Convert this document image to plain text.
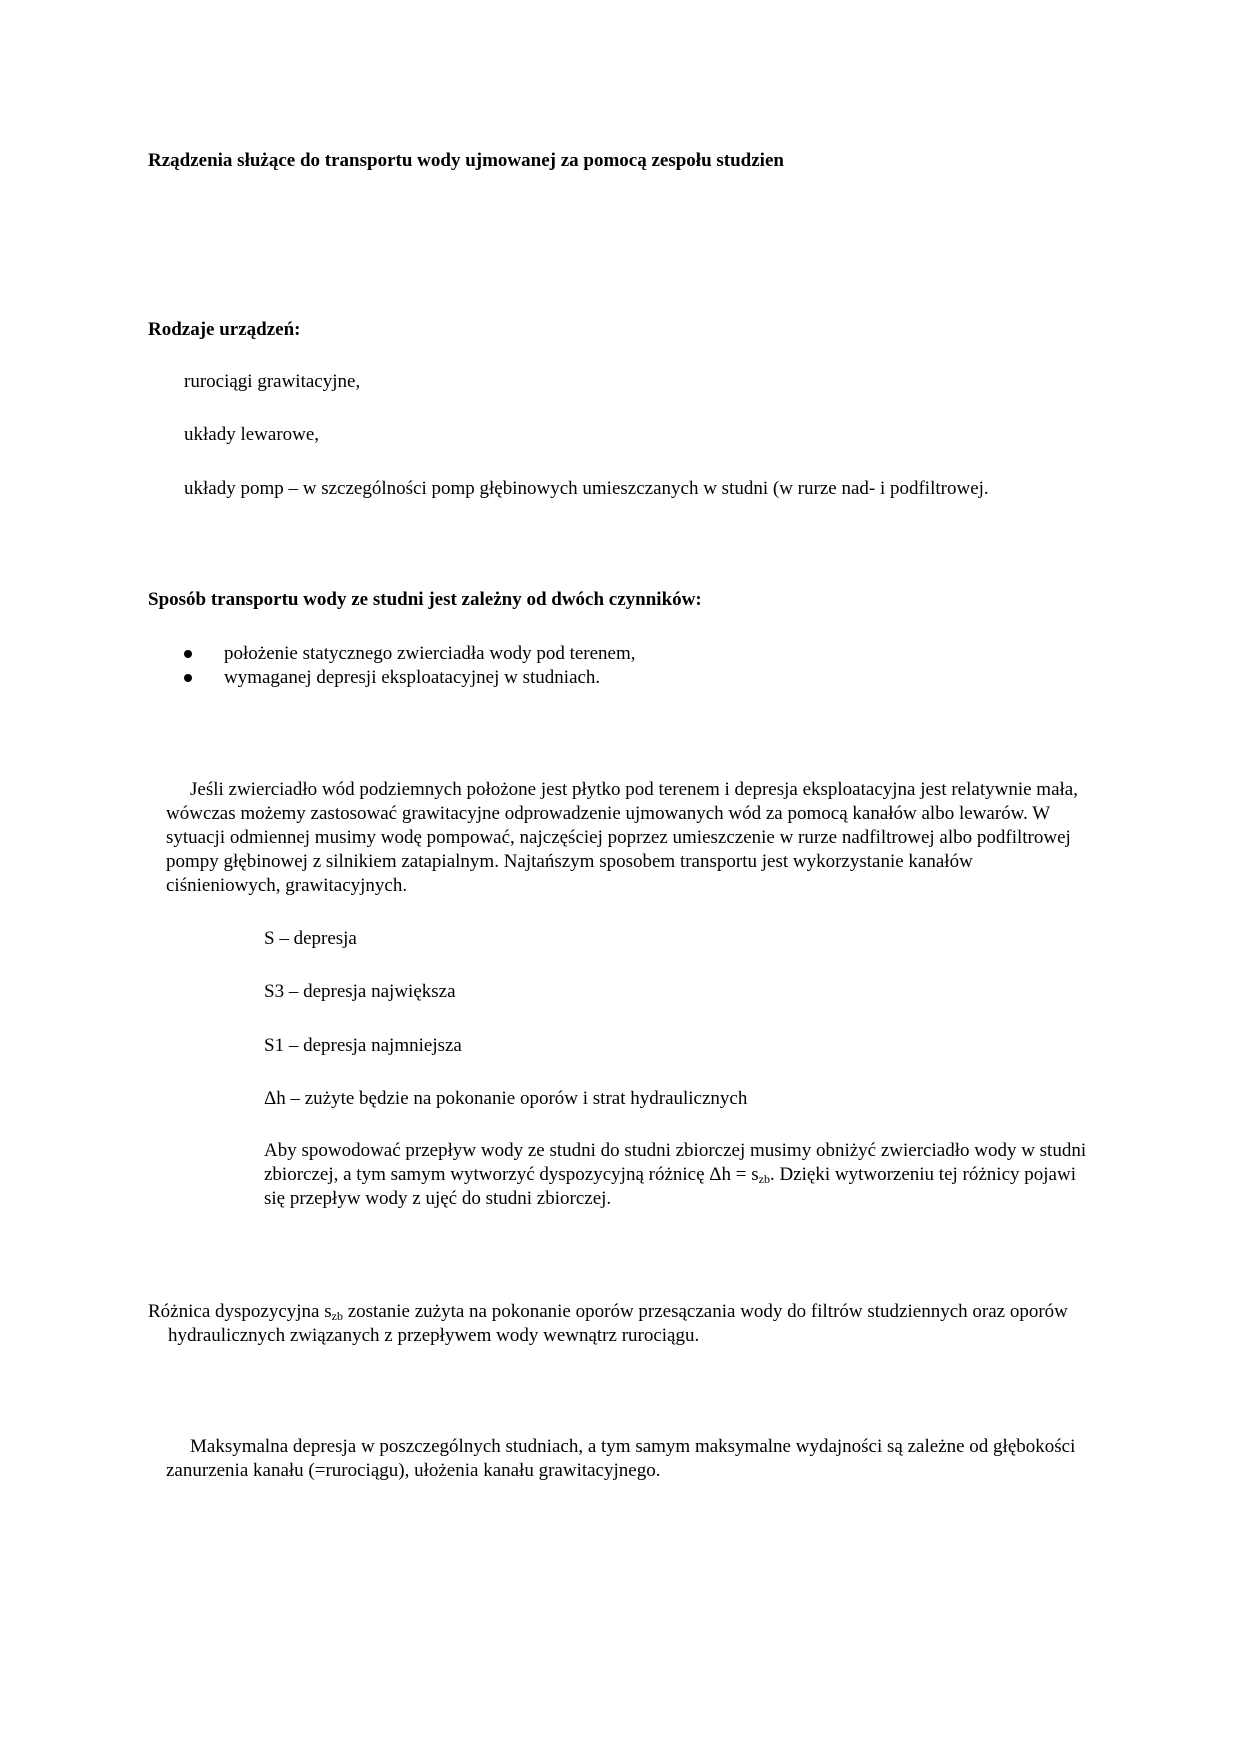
Rządzenia służące do transportu wody ujmowanej za pomocą zespołu studzien

Rodzaje urządzeń:

rurociągi grawitacyjne,

układy lewarowe,

układy pomp – w szczególności pomp głębinowych umieszczanych w studni (w rurze nad- i podfiltrowej.

Sposób transportu wody ze studni jest zależny od dwóch czynników:

położenie statycznego zwierciadła wody pod terenem,
wymaganej depresji eksploatacyjnej w studniach.

Jeśli zwierciadło wód podziemnych położone jest płytko pod terenem i depresja eksploatacyjna jest relatywnie mała, wówczas możemy zastosować grawitacyjne odprowadzenie ujmowanych wód za pomocą kanałów albo lewarów. W sytuacji odmiennej musimy wodę pompować, najczęściej poprzez umieszczenie w rurze nadfiltrowej albo podfiltrowej pompy głębinowej z silnikiem zatapialnym. Najtańszym sposobem transportu jest wykorzystanie kanałów ciśnieniowych, grawitacyjnych.

S – depresja

S3 – depresja największa

S1 – depresja najmniejsza

Δh – zużyte będzie na pokonanie oporów i strat hydraulicznych

Aby spowodować przepływ wody ze studni do studni zbiorczej musimy obniżyć zwierciadło wody w studni zbiorczej, a tym samym wytworzyć dyspozycyjną różnicę $\Delta h = s_{zb}$. Dzięki wytworzeniu tej różnicy pojawi się przepływ wody z ujęć do studni zbiorczej.

Różnica dyspozycyjna $s_{zb}$ zostanie zużyta na pokonanie oporów przesączania wody do filtrów studziennych oraz oporów hydraulicznych związanych z przepływem wody wewnątrz rurociągu.

Maksymalna depresja w poszczególnych studniach, a tym samym maksymalne wydajności są zależne od głębokości zanurzenia kanału (=rurociągu), ułożenia kanału grawitacyjnego.
